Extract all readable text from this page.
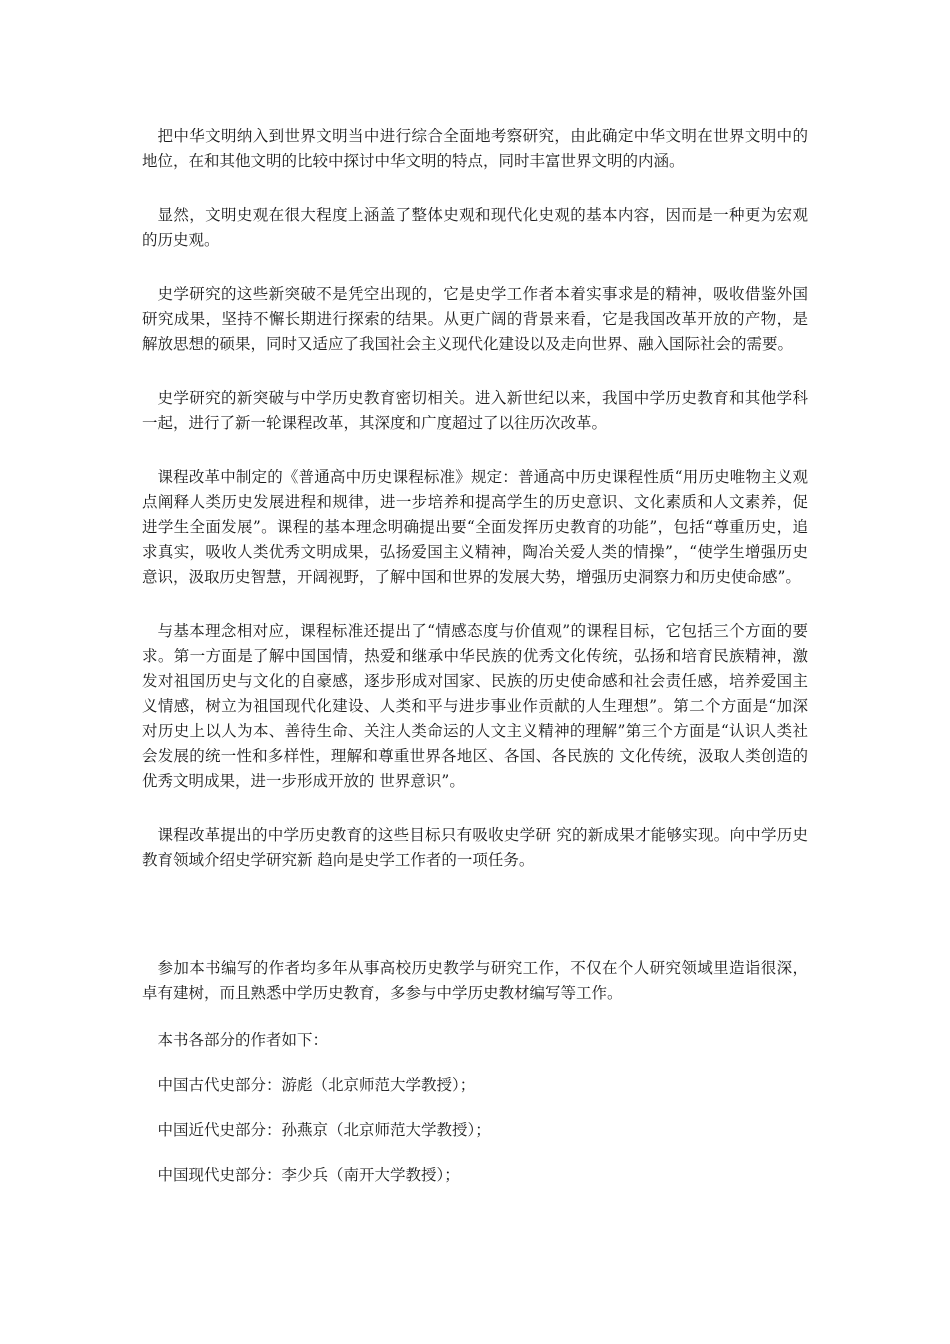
把中华文明纳入到世界文明当中进行综合全面地考察研究，由此确定中华文明在世界文明中的地位，在和其他文明的比较中探讨中华文明的特点，同时丰富世界文明的内涵。

显然，文明史观在很大程度上涵盖了整体史观和现代化史观的基本内容，因而是一种更为宏观的历史观。

史学研究的这些新突破不是凭空出现的，它是史学工作者本着实事求是的精神，吸收借鉴外国研究成果，坚持不懈长期进行探索的结果。从更广阔的背景来看，它是我国改革开放的产物，是解放思想的硕果，同时又适应了我国社会主义现代化建设以及走向世界、融入国际社会的需要。

史学研究的新突破与中学历史教育密切相关。进入新世纪以来，我国中学历史教育和其他学科一起，进行了新一轮课程改革，其深度和广度超过了以往历次改革。

课程改革中制定的《普通高中历史课程标准》规定：普通高中历史课程性质“用历史唯物主义观点阐释人类历史发展进程和规律，进一步培养和提高学生的历史意识、文化素质和人文素养，促进学生全面发展”。课程的基本理念明确提出要“全面发挥历史教育的功能”，包括“尊重历史，追求真实，吸收人类优秀文明成果，弘扬爱国主义精神，陶冶关爱人类的情操”，“使学生增强历史意识，汲取历史智慧，开阔视野，了解中国和世界的发展大势，增强历史洞察力和历史使命感”。

与基本理念相对应，课程标准还提出了“情感态度与价值观”的课程目标，它包括三个方面的要求。第一方面是了解中国国情，热爱和继承中华民族的优秀文化传统，弘扬和培育民族精神，激发对祖国历史与文化的自豪感，逐步形成对国家、民族的历史使命感和社会责任感，培养爱国主义情感，树立为祖国现代化建设、人类和平与进步事业作贡献的人生理想”。第二个方面是“加深对历史上以人为本、善待生命、关注人类命运的人文主义精神的理解”第三个方面是“认识人类社会发展的统一性和多样性，理解和尊重世界各地区、各国、各民族的 文化传统，汲取人类创造的优秀文明成果，进一步形成开放的 世界意识”。

课程改革提出的中学历史教育的这些目标只有吸收史学研 究的新成果才能够实现。向中学历史教育领域介绍史学研究新 趋向是史学工作者的一项任务。

参加本书编写的作者均多年从事高校历史教学与研究工作，不仅在个人研究领域里造诣很深，卓有建树，而且熟悉中学历史教育，多参与中学历史教材编写等工作。

本书各部分的作者如下：

中国古代史部分：游彪（北京师范大学教授）；

中国近代史部分：孙燕京（北京师范大学教授）；

中国现代史部分：李少兵（南开大学教授）；
